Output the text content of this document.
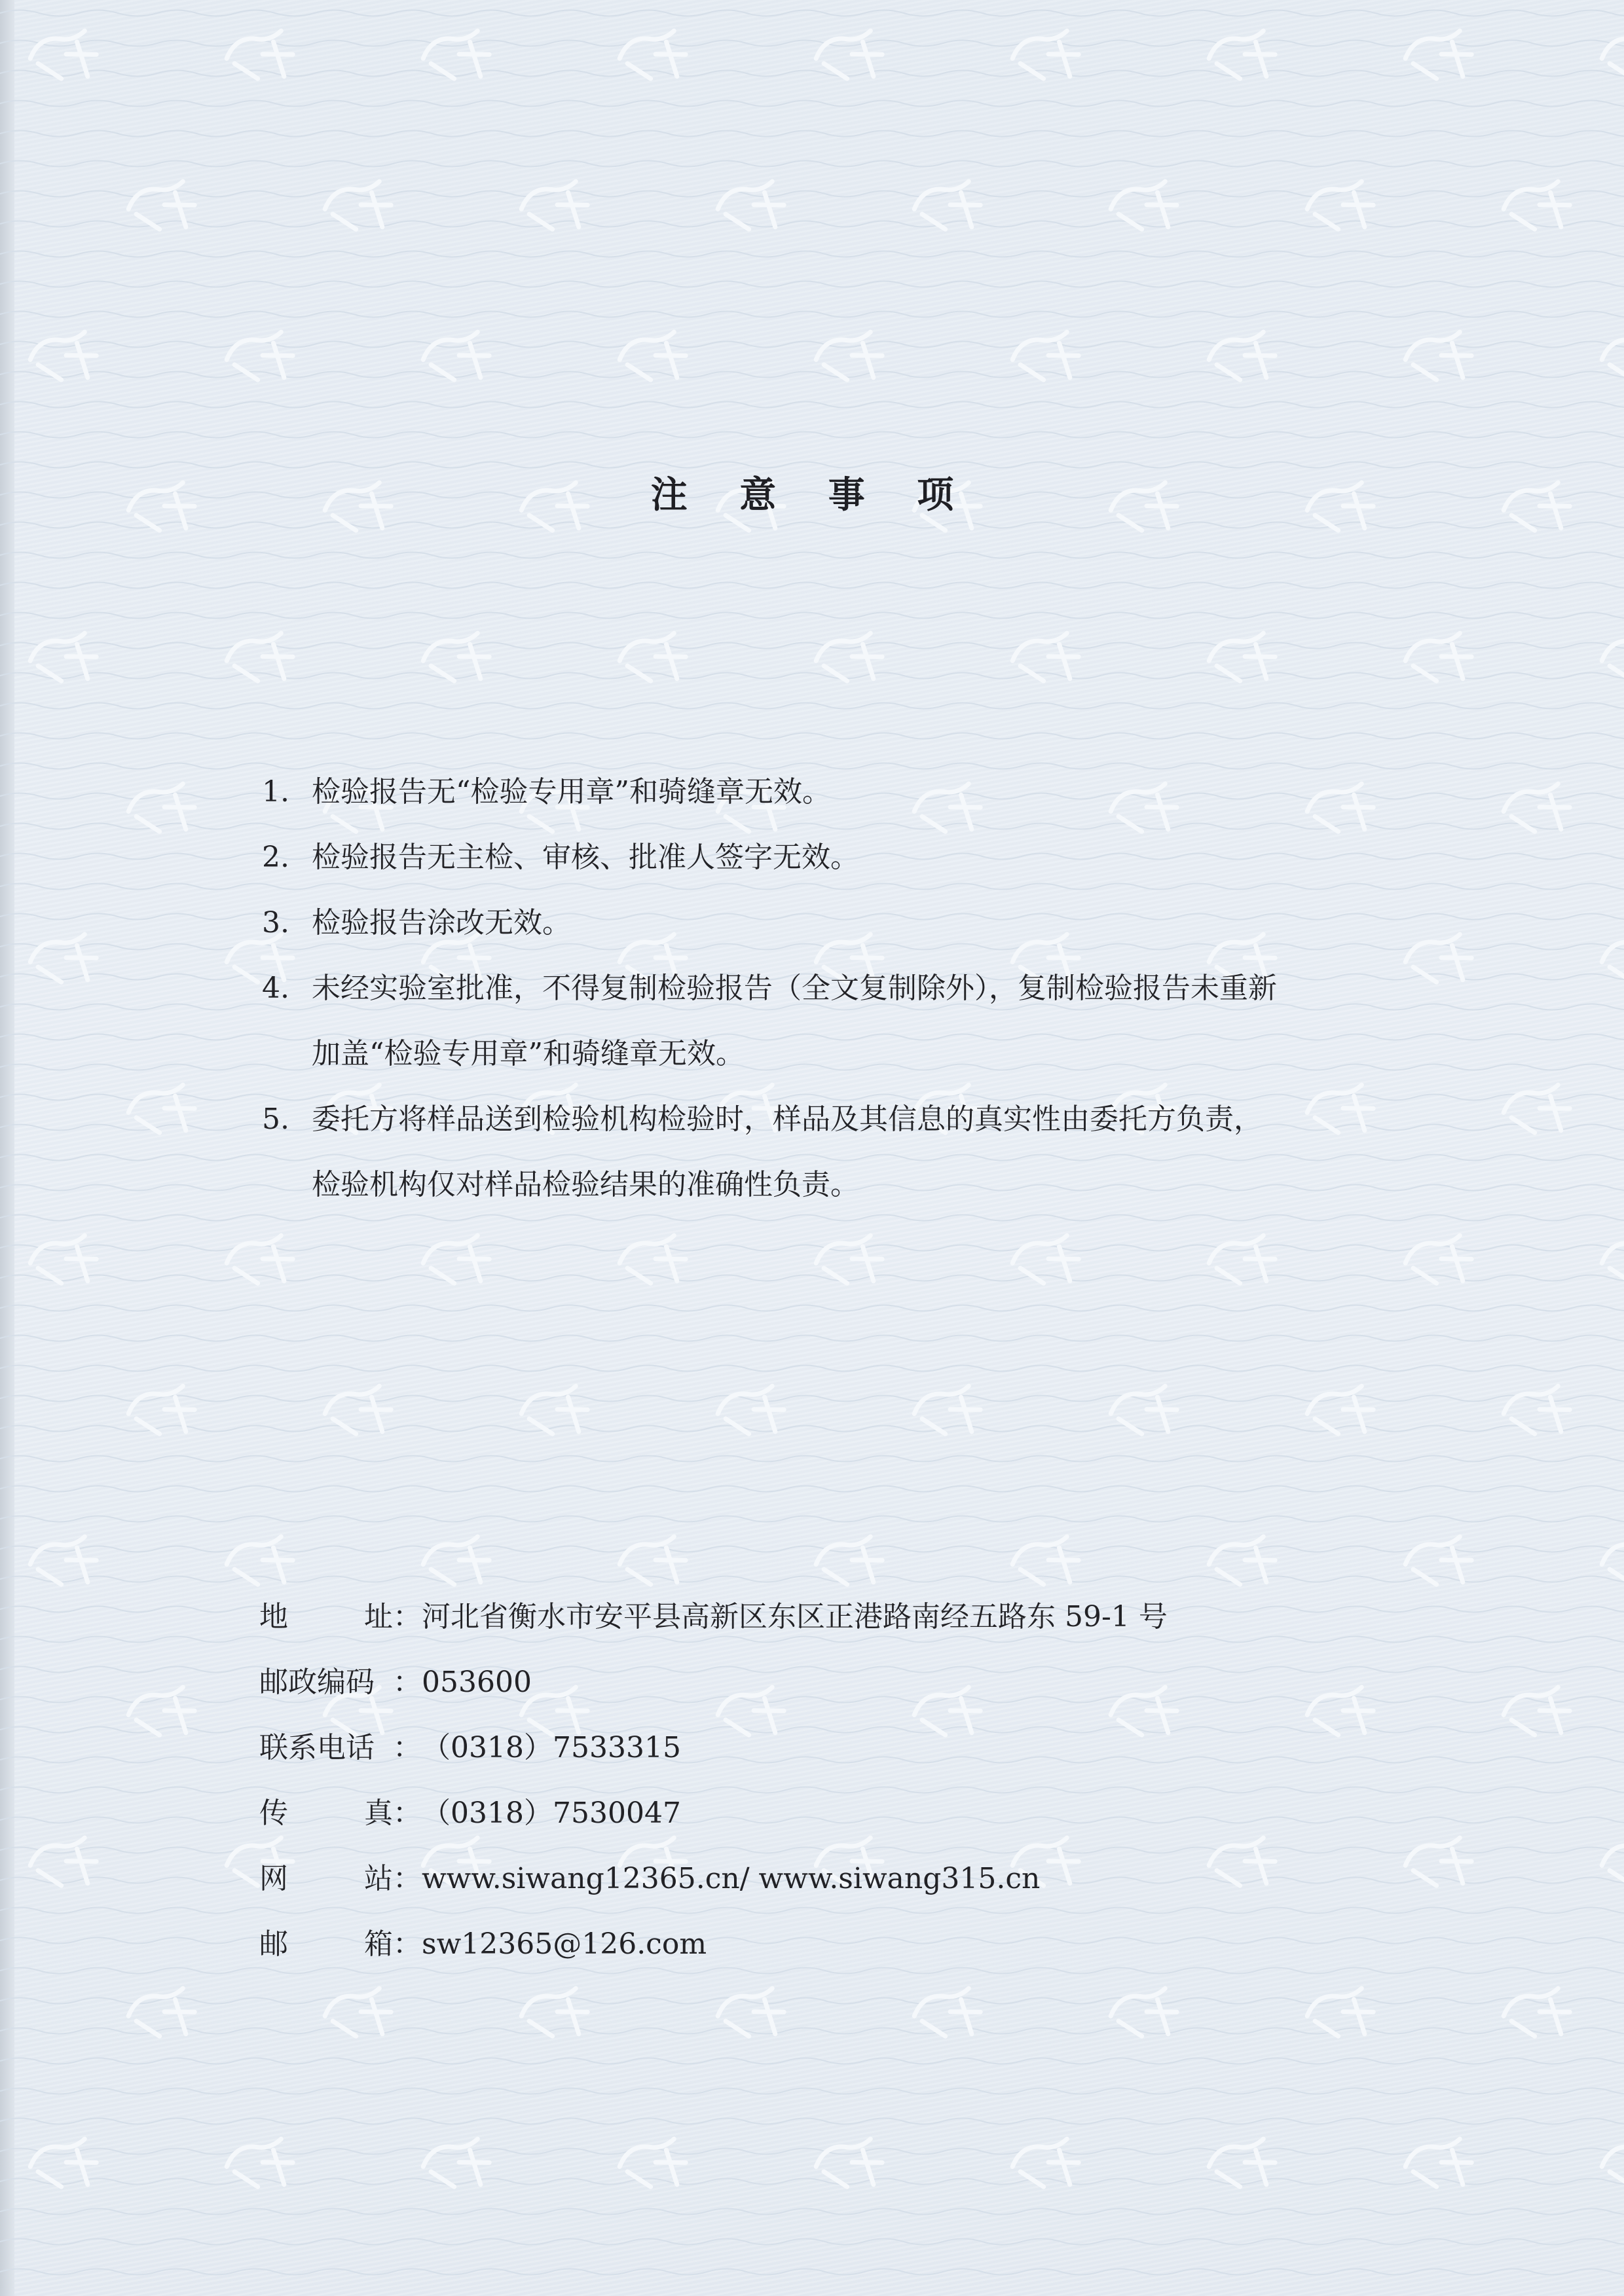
注 意 事 项
1. 检验报告无“检验专用章”和骑缝章无效。
2. 检验报告无主检、审核、批准人签字无效。
3. 检验报告涂改无效。
4. 未经实验室批准，不得复制检验报告（全文复制除外），复制检验报告未重新
加盖“检验专用章”和骑缝章无效。
5. 委托方将样品送到检验机构检验时，样品及其信息的真实性由委托方负责，
检验机构仅对样品检验结果的准确性负责。
地	址： 河北省衡水市安平县高新区东区正港路南经五路东 59-1 号
邮政编码 ： 053600
联系电话 ： （0318）7533315
传	真： （0318）7530047
网	站： www.siwang12365.cn/ www.siwang315.cn
邮	箱： sw12365@126.com
